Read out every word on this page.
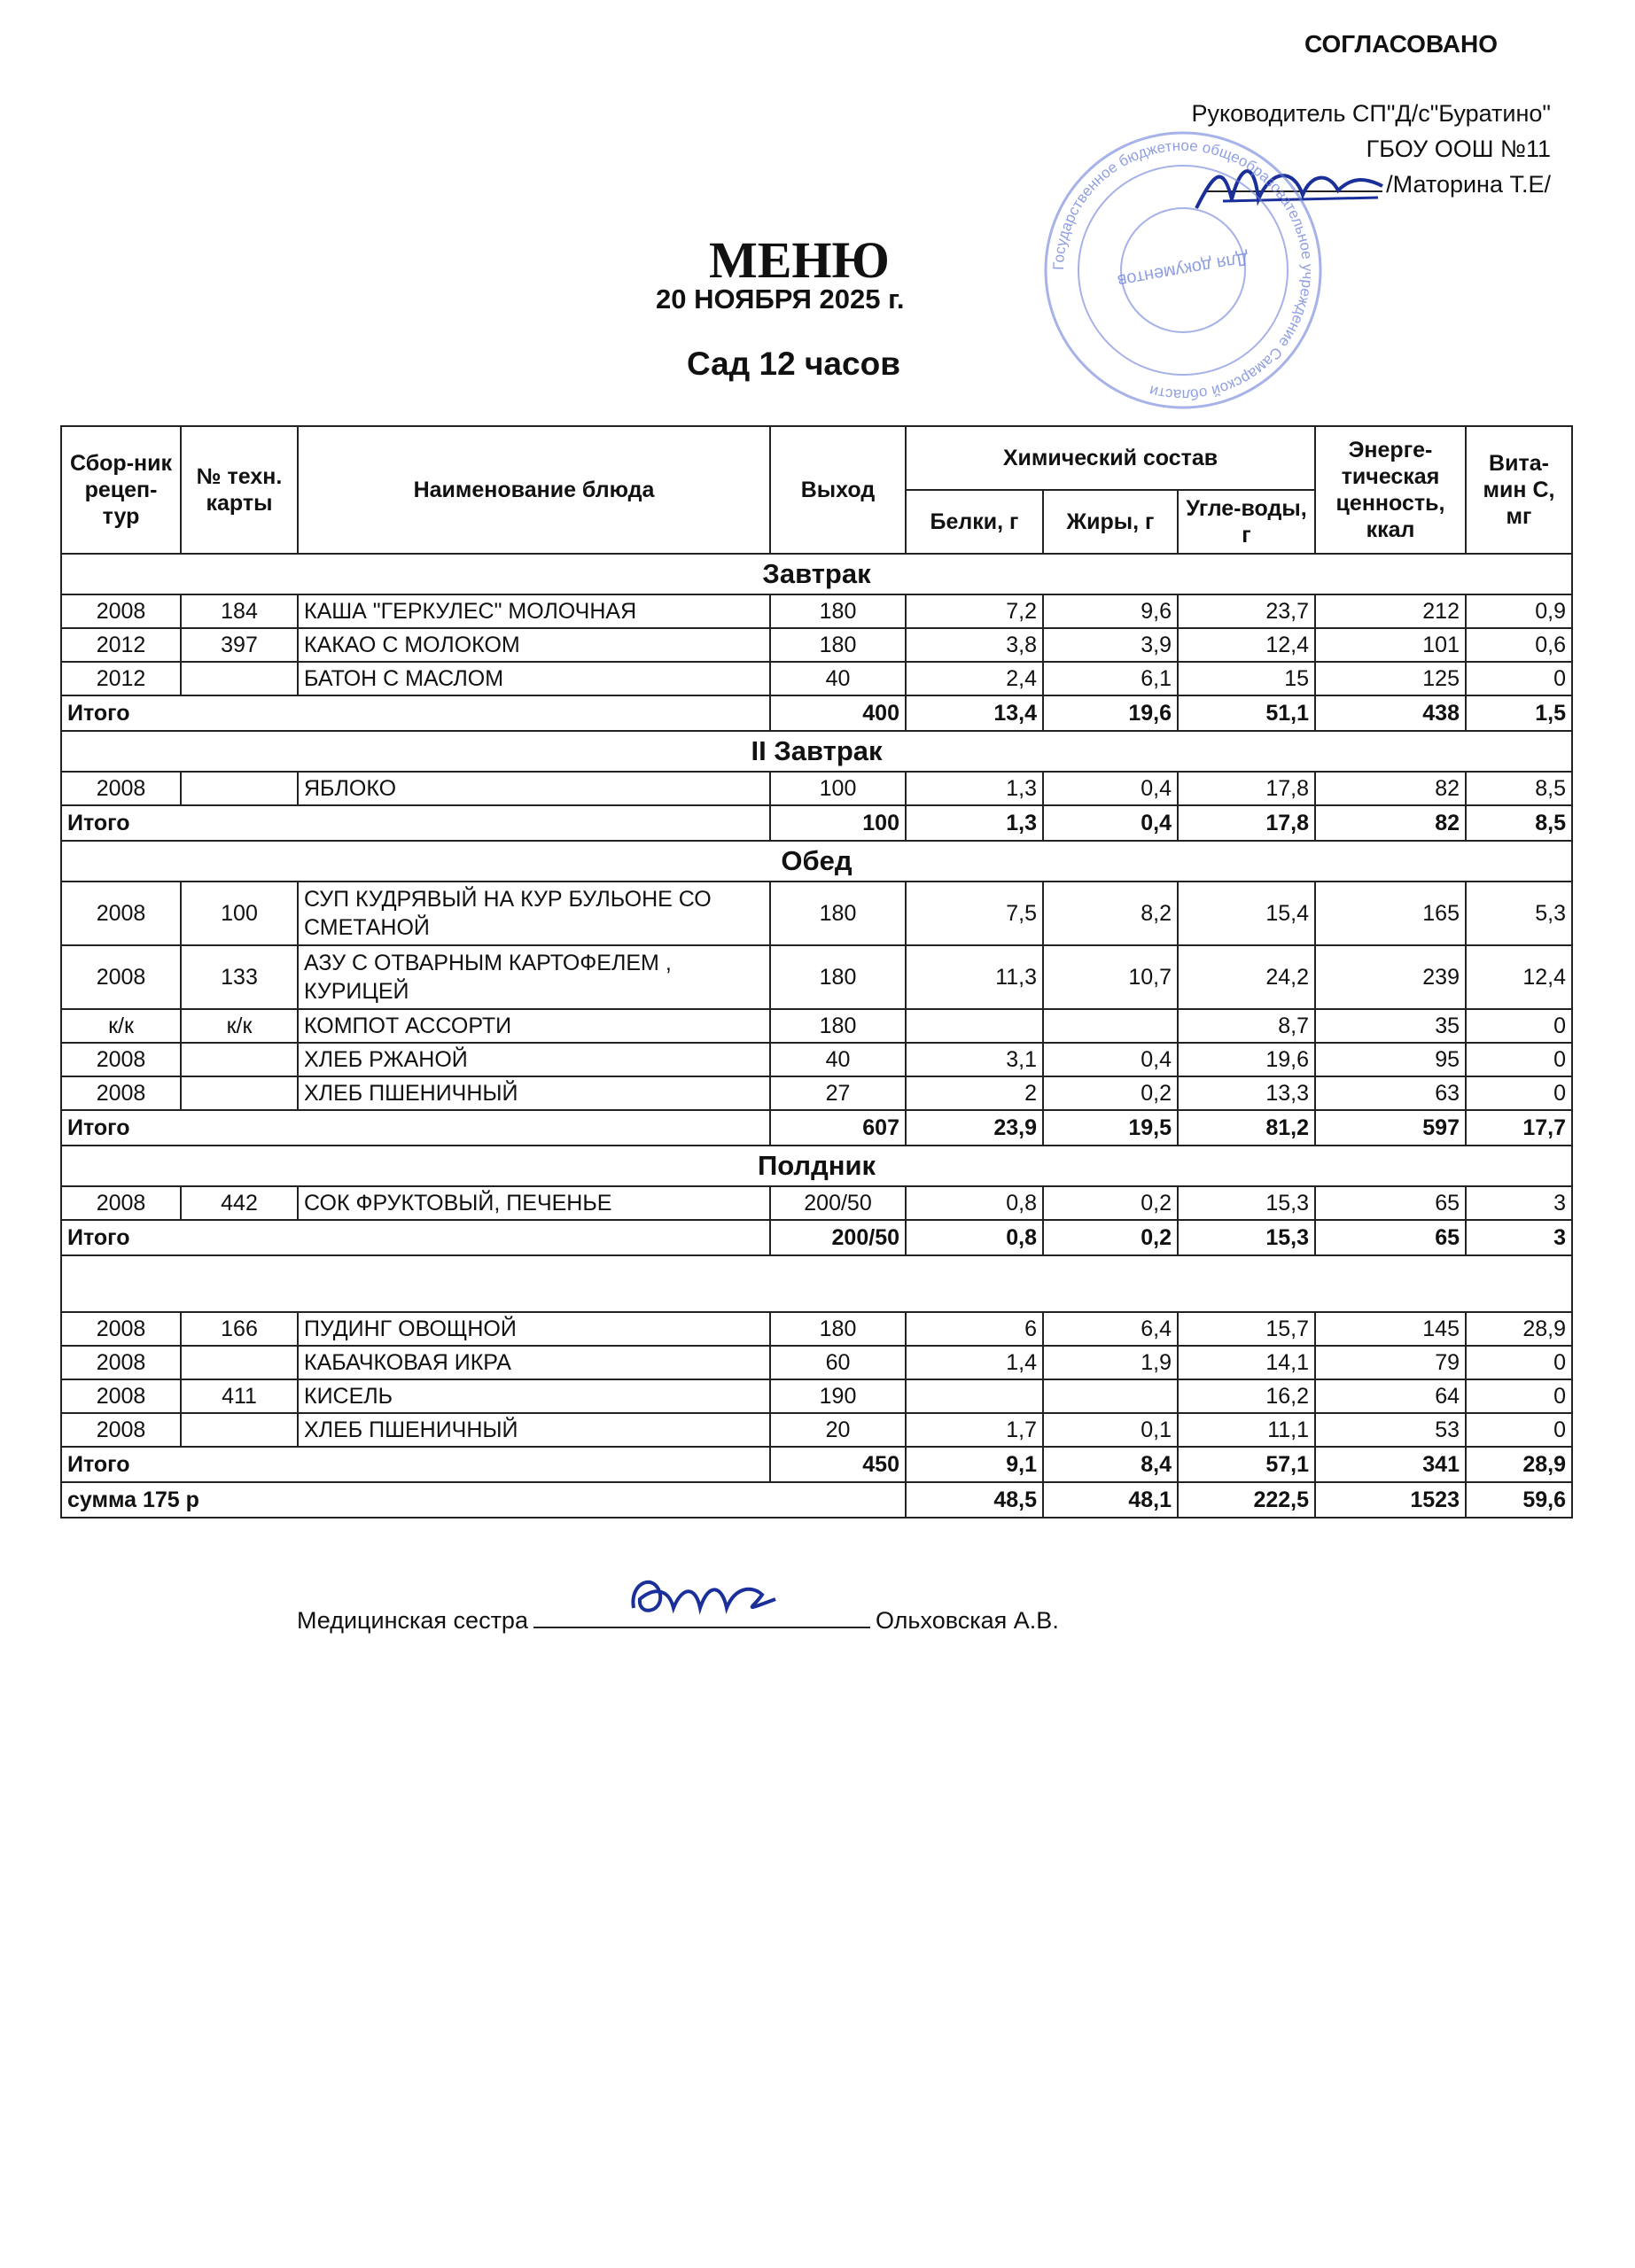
СОГЛАСОВАНО
Руководитель СП"Д/с"Буратино"
ГБОУ ООШ №11
/Маторина Т.Е/
Государственное бюджетное общеобразовательное учреждение Самарской области
Для документов
МЕНЮ
20 НОЯБРЯ 2025 г.
Сад 12 часов
Сбор-ник рецеп-тур	№ техн. карты	Наименование блюда	Выход	Химический состав			Энерге-тическая ценность, ккал	Вита-мин С, мг
				Белки, г	Жиры, г	Угле-воды, г		
Завтрак								
2008	184	КАША "ГЕРКУЛЕС" МОЛОЧНАЯ	180	7,2	9,6	23,7	212	0,9
2012	397	КАКАО С МОЛОКОМ	180	3,8	3,9	12,4	101	0,6
2012		БАТОН С МАСЛОМ	40	2,4	6,1	15	125	0
Итого			400	13,4	19,6	51,1	438	1,5
II Завтрак								
2008		ЯБЛОКО	100	1,3	0,4	17,8	82	8,5
Итого			100	1,3	0,4	17,8	82	8,5
Обед								
2008	100	СУП КУДРЯВЫЙ НА КУР БУЛЬОНЕ СО СМЕТАНОЙ	180	7,5	8,2	15,4	165	5,3
2008	133	АЗУ С ОТВАРНЫМ КАРТОФЕЛЕМ , КУРИЦЕЙ	180	11,3	10,7	24,2	239	12,4
к/к	к/к	КОМПОТ АССОРТИ	180			8,7	35	0
2008		ХЛЕБ РЖАНОЙ	40	3,1	0,4	19,6	95	0
2008		ХЛЕБ ПШЕНИЧНЫЙ	27	2	0,2	13,3	63	0
Итого			607	23,9	19,5	81,2	597	17,7
Полдник								
2008	442	СОК ФРУКТОВЫЙ, ПЕЧЕНЬЕ	200/50	0,8	0,2	15,3	65	3
Итого			200/50	0,8	0,2	15,3	65	3

2008	166	ПУДИНГ ОВОЩНОЙ	180	6	6,4	15,7	145	28,9
2008		КАБАЧКОВАЯ ИКРА	60	1,4	1,9	14,1	79	0
2008	411	КИСЕЛЬ	190			16,2	64	0
2008		ХЛЕБ ПШЕНИЧНЫЙ	20	1,7	0,1	11,1	53	0
Итого			450	9,1	8,4	57,1	341	28,9
сумма 175 р				48,5	48,1	222,5	1523	59,6
Медицинская сестра	Ольховская А.В.
